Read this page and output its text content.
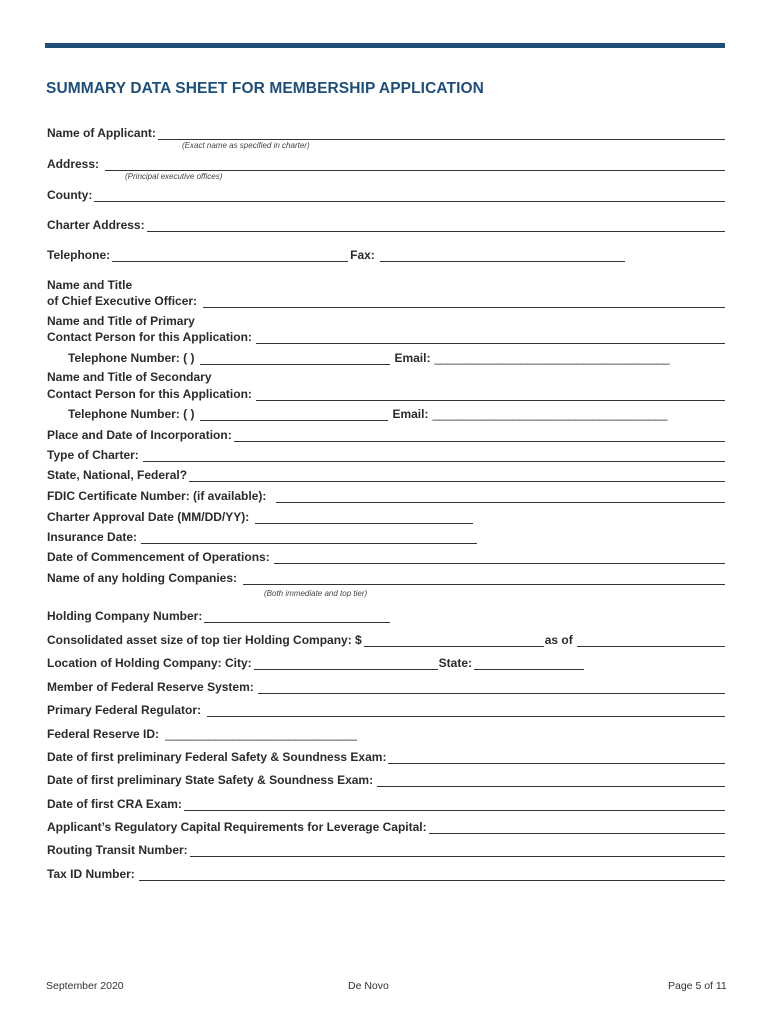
SUMMARY DATA SHEET FOR MEMBERSHIP APPLICATION
Name of Applicant:
(Exact name as specified in charter)
Address:
(Principal executive offices)
County:
Charter Address:
Telephone:	Fax:
Name and Title
of Chief Executive Officer:
Name and Title of Primary
Contact Person for this Application:
Telephone Number: ( )	Email: ______________________________________
Name and Title of Secondary
Contact Person for this Application:
Telephone Number: ( )	Email: ______________________________________
Place and Date of Incorporation:
Type of Charter:
State, National, Federal?
FDIC Certificate Number: (if available):
Charter Approval Date (MM/DD/YY):
Insurance Date:
Date of Commencement of Operations:
Name of any holding Companies:
(Both immediate and top tier)
Holding Company Number:
Consolidated asset size of top tier Holding Company: $	as of
Location of Holding Company: City:	State:
Member of Federal Reserve System:
Primary Federal Regulator:
Federal Reserve ID: _______________________________
Date of first preliminary Federal Safety & Soundness Exam:
Date of first preliminary State Safety & Soundness Exam:
Date of first CRA Exam:
Applicant’s Regulatory Capital Requirements for Leverage Capital:
Routing Transit Number:
Tax ID Number:
September 2020	De Novo	Page 5 of 11
